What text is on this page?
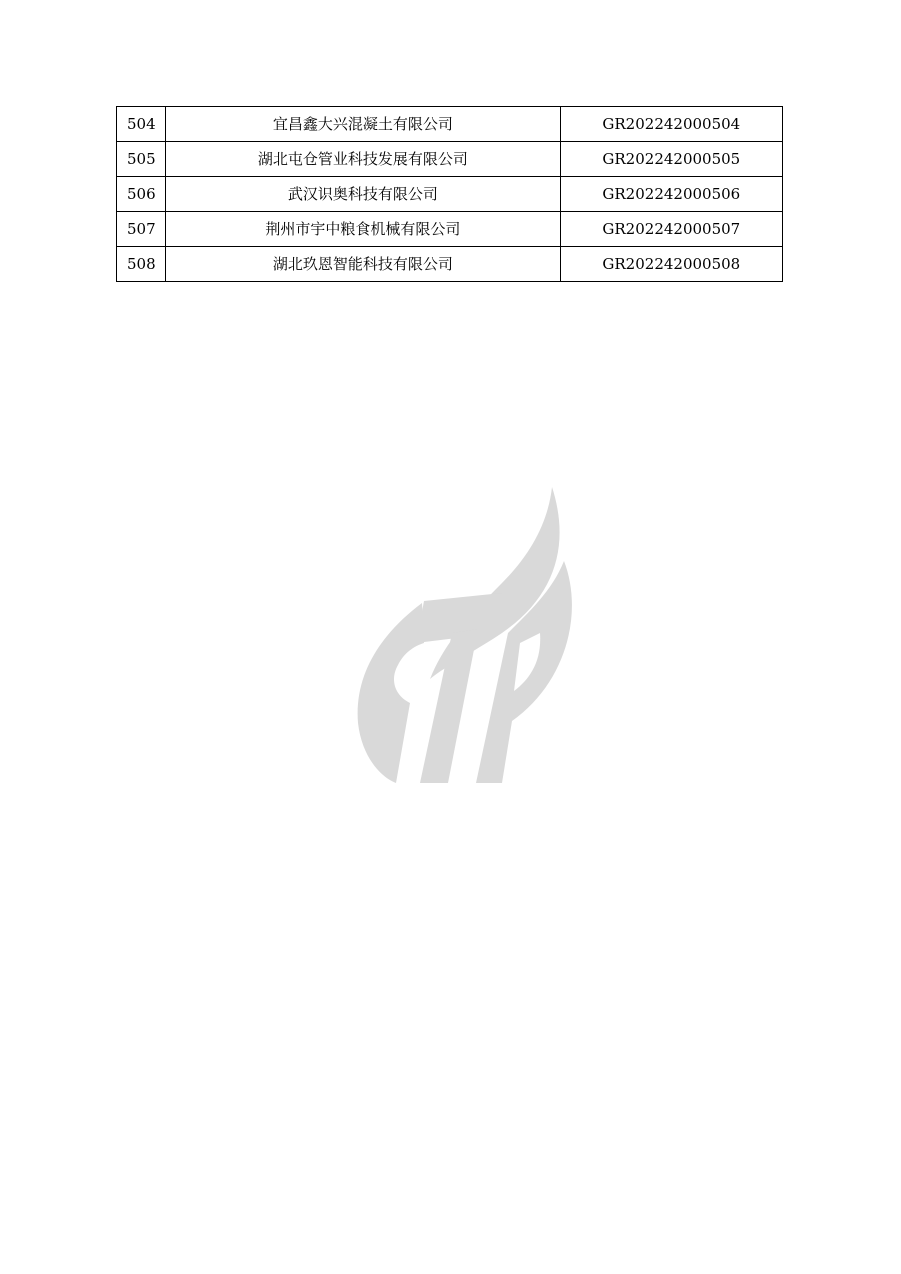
504	宜昌鑫大兴混凝土有限公司	GR202242000504
505	湖北屯仓管业科技发展有限公司	GR202242000505
506	武汉识奥科技有限公司	GR202242000506
507	荆州市宇中粮食机械有限公司	GR202242000507
508	湖北玖恩智能科技有限公司	GR202242000508
